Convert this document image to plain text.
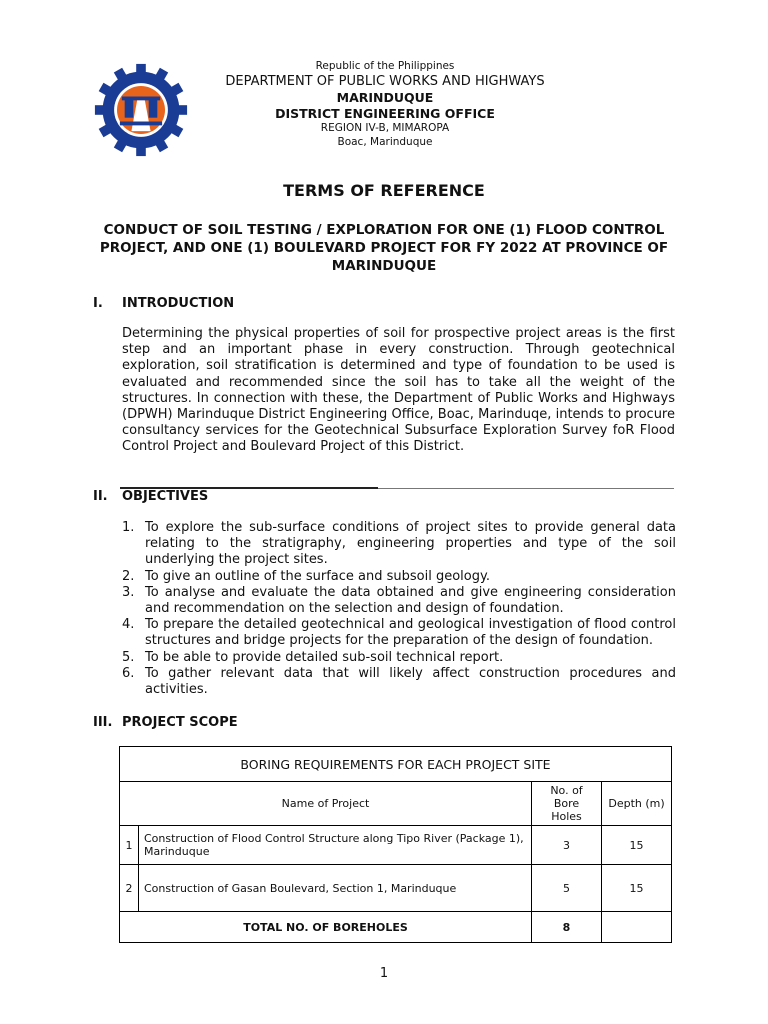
Republic of the Philippines
DEPARTMENT OF PUBLIC WORKS AND HIGHWAYS
MARINDUQUE
DISTRICT ENGINEERING OFFICE
REGION IV-B, MIMAROPA
Boac, Marinduque
TERMS OF REFERENCE
CONDUCT OF SOIL TESTING / EXPLORATION FOR ONE (1) FLOOD CONTROL PROJECT, AND ONE (1) BOULEVARD PROJECT FOR FY 2022 AT PROVINCE OF MARINDUQUE
I. INTRODUCTION

Determining the physical properties of soil for prospective project areas is the first step and an important phase in every construction. Through geotechnical exploration, soil stratification is determined and type of foundation to be used is evaluated and recommended since the soil has to take all the weight of the structures. In connection with these, the Department of Public Works and Highways (DPWH) Marinduque District Engineering Office, Boac, Marinduqe, intends to procure consultancy services for the Geotechnical Subsurface Exploration Survey foR Flood Control Project and Boulevard Project of this District.

II. OBJECTIVES
1. To explore the sub-surface conditions of project sites to provide general data relating to the stratigraphy, engineering properties and type of the soil underlying the project sites.
2. To give an outline of the surface and subsoil geology.
3. To analyse and evaluate the data obtained and give engineering consideration and recommendation on the selection and design of foundation.
4. To prepare the detailed geotechnical and geological investigation of flood control structures and bridge projects for the preparation of the design of foundation.
5. To be able to provide detailed sub-soil technical report.
6. To gather relevant data that will likely affect construction procedures and activities.
III. PROJECT SCOPE
BORING REQUIREMENTS FOR EACH PROJECT SITE			
Name of Project		No. of Bore Holes	Depth (m)
1	Construction of Flood Control Structure along Tipo River (Package 1), Marinduque	3	15
2	Construction of Gasan Boulevard, Section 1, Marinduque	5	15
TOTAL NO. OF BOREHOLES		8	
1
